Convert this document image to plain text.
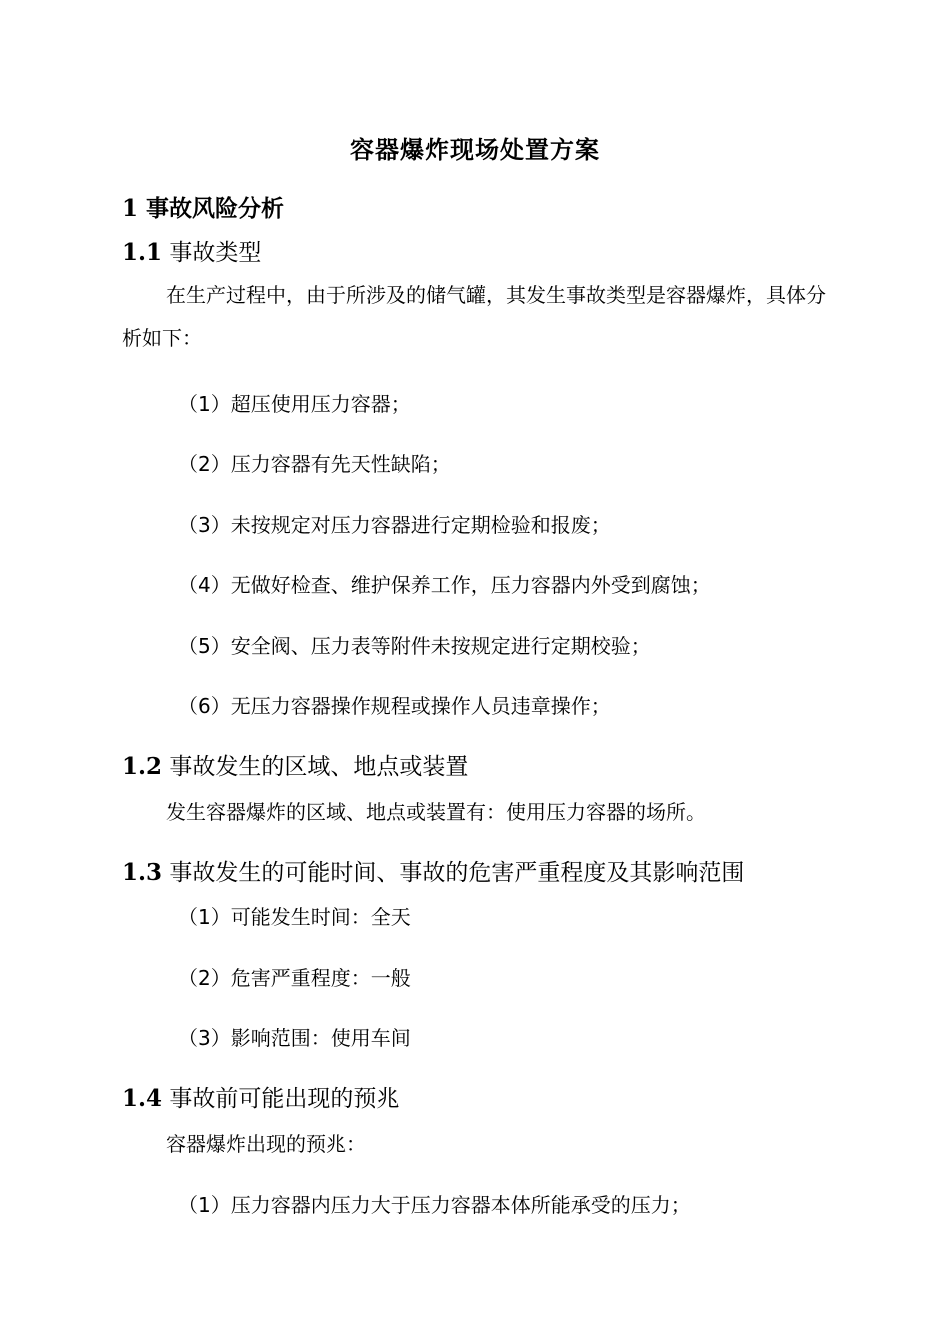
容器爆炸现场处置方案
1 事故风险分析
1.1 事故类型
在生产过程中，由于所涉及的储气罐，其发生事故类型是容器爆炸，具体分析如下：
（1）超压使用压力容器；
（2）压力容器有先天性缺陷；
（3）未按规定对压力容器进行定期检验和报废；
（4）无做好检查、维护保养工作，压力容器内外受到腐蚀；
（5）安全阀、压力表等附件未按规定进行定期校验；
（6）无压力容器操作规程或操作人员违章操作；
1.2 事故发生的区域、地点或装置
发生容器爆炸的区域、地点或装置有：使用压力容器的场所。
1.3 事故发生的可能时间、事故的危害严重程度及其影响范围
（1）可能发生时间：全天
（2）危害严重程度：一般
（3）影响范围：使用车间
1.4 事故前可能出现的预兆
容器爆炸出现的预兆：
（1）压力容器内压力大于压力容器本体所能承受的压力；
